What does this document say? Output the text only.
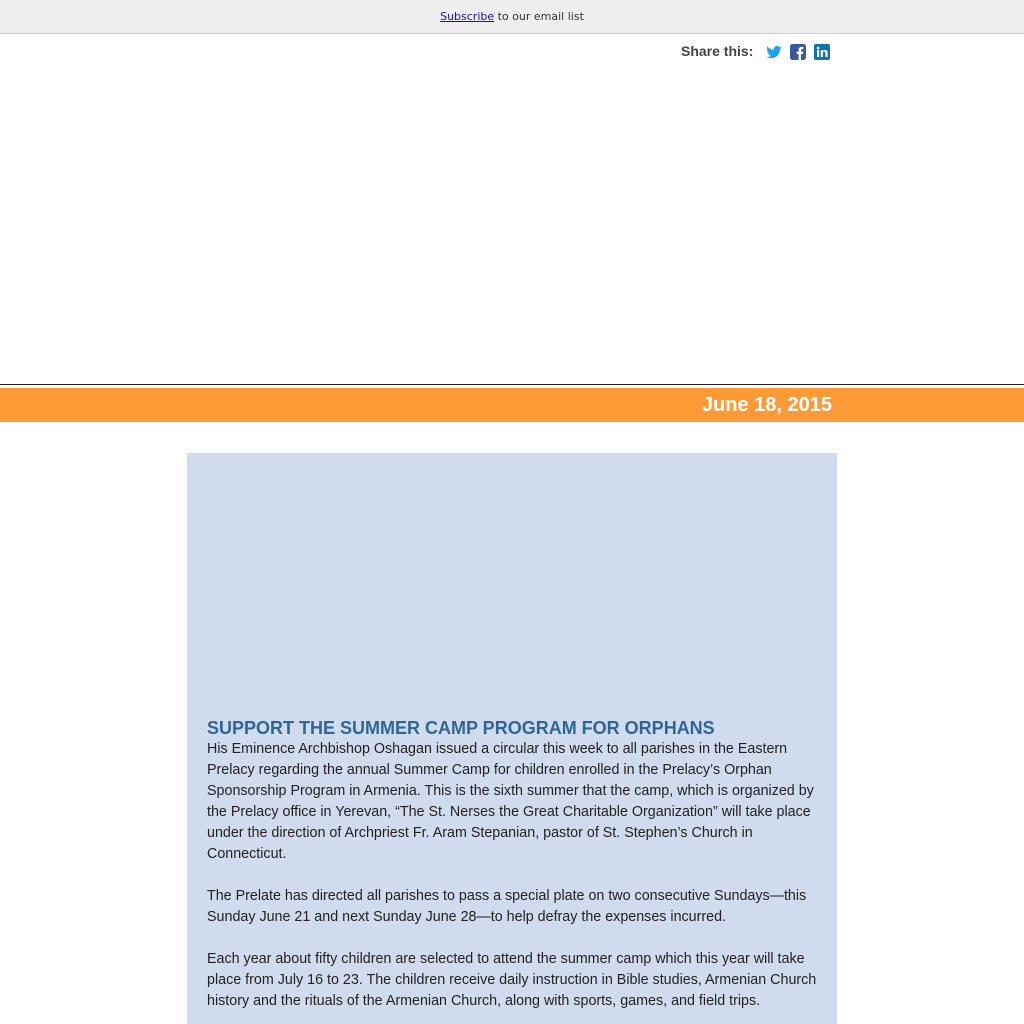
Subscribe to our email list
Share this:
June 18, 2015
SUPPORT THE SUMMER CAMP PROGRAM FOR ORPHANS

His Eminence Archbishop Oshagan issued a circular this week to all parishes in the Eastern Prelacy regarding the annual Summer Camp for children enrolled in the Prelacy’s Orphan Sponsorship Program in Armenia. This is the sixth summer that the camp, which is organized by the Prelacy office in Yerevan, “The St. Nerses the Great Charitable Organization” will take place under the direction of Archpriest Fr. Aram Stepanian, pastor of St. Stephen’s Church in Connecticut.

The Prelate has directed all parishes to pass a special plate on two consecutive Sundays—this Sunday June 21 and next Sunday June 28—to help defray the expenses incurred.

Each year about fifty children are selected to attend the summer camp which this year will take place from July 16 to 23. The children receive daily instruction in Bible studies, Armenian Church history and the rituals of the Armenian Church, along with sports, games, and field trips.
